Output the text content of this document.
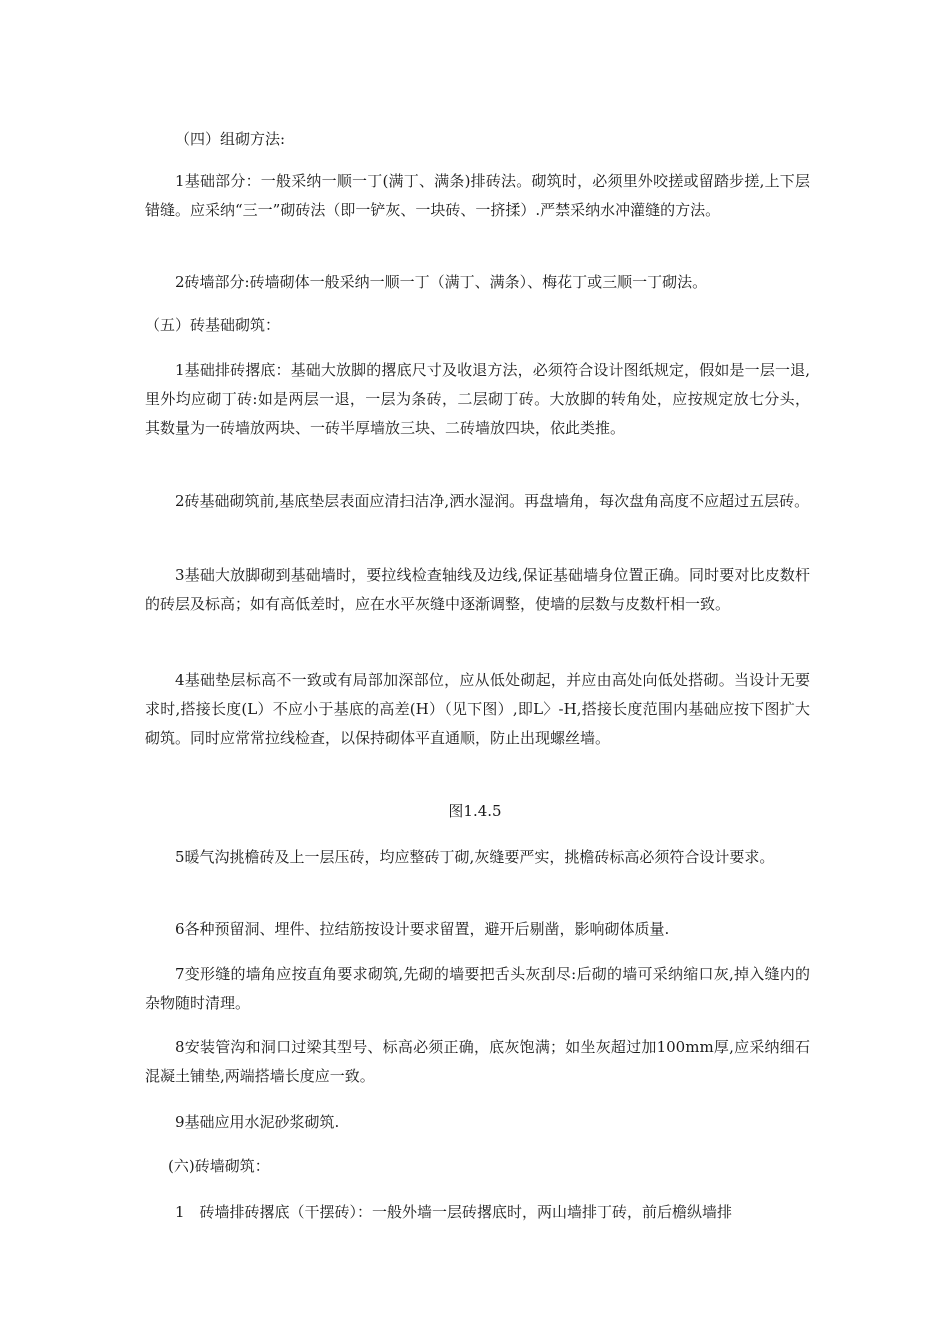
（四）组砌方法:

1基础部分：一般采纳一顺一丁(满丁、满条)排砖法。砌筑时，必须里外咬搓或留踏步搓,上下层错缝。应采纳“三一”砌砖法（即一铲灰、一块砖、一挤揉）.严禁采纳水冲灌缝的方法。

2砖墙部分:砖墙砌体一般采纳一顺一丁（满丁、满条）、梅花丁或三顺一丁砌法。

（五）砖基础砌筑：

1基础排砖撂底：基础大放脚的撂底尺寸及收退方法，必须符合设计图纸规定，假如是一层一退,里外均应砌丁砖:如是两层一退，一层为条砖，二层砌丁砖。大放脚的转角处，应按规定放七分头，其数量为一砖墙放两块、一砖半厚墙放三块、二砖墙放四块，依此类推。

2砖基础砌筑前,基底垫层表面应清扫洁净,洒水湿润。再盘墙角，每次盘角高度不应超过五层砖。

3基础大放脚砌到基础墙时，要拉线检查轴线及边线,保证基础墙身位置正确。同时要对比皮数杆的砖层及标高；如有高低差时，应在水平灰缝中逐渐调整，使墙的层数与皮数杆相一致。

4基础垫层标高不一致或有局部加深部位，应从低处砌起，并应由高处向低处搭砌。当设计无要求时,搭接长度(L）不应小于基底的高差(H）（见下图）,即L〉-H,搭接长度范围内基础应按下图扩大砌筑。同时应常常拉线检查，以保持砌体平直通顺，防止出现螺丝墙。

图1.4.5

5暖气沟挑檐砖及上一层压砖，均应整砖丁砌,灰缝要严实，挑檐砖标高必须符合设计要求。

6各种预留洞、埋件、拉结筋按设计要求留置，避开后剔凿，影响砌体质量.

7变形缝的墙角应按直角要求砌筑,先砌的墙要把舌头灰刮尽:后砌的墙可采纳缩口灰,掉入缝内的杂物随时清理。

8安装管沟和洞口过梁其型号、标高必须正确，底灰饱满；如坐灰超过加100mm厚,应采纳细石混凝土铺垫,两端搭墙长度应一致。

9基础应用水泥砂浆砌筑.

(六)砖墙砌筑：

1　砖墙排砖撂底（干摆砖）：一般外墙一层砖撂底时，两山墙排丁砖，前后檐纵墙排
